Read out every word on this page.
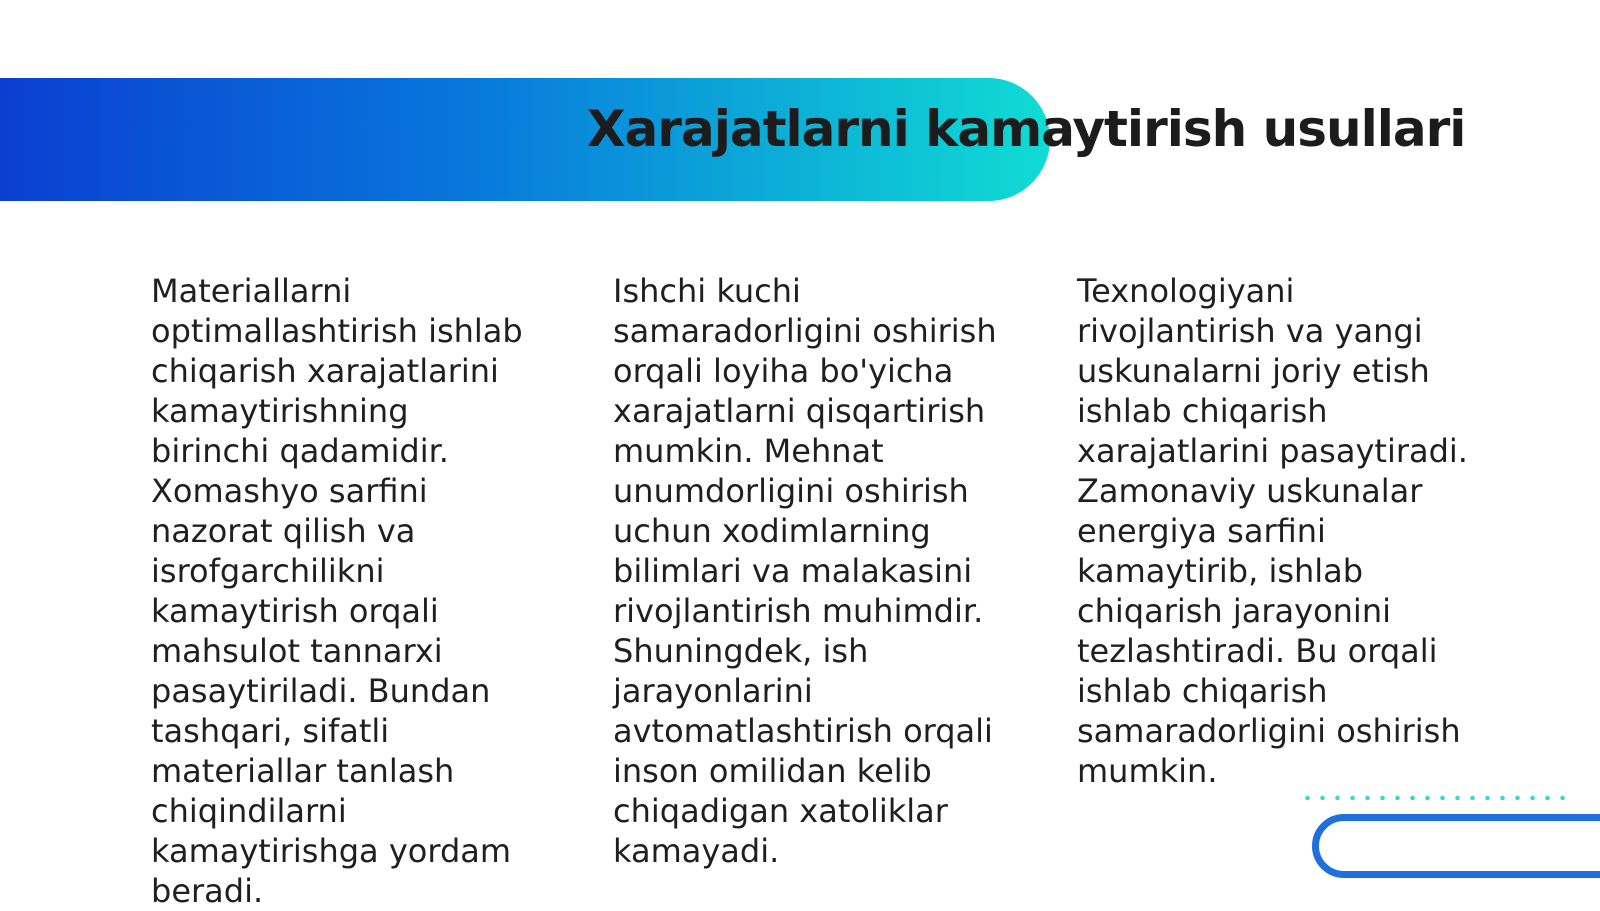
Xarajatlarni kamaytirish usullari

Materiallarni optimallashtirish ishlab chiqarish xarajatlarini kamaytirishning birinchi qadamidir. Xomashyo sarfini nazorat qilish va isrofgarchilikni kamaytirish orqali mahsulot tannarxi pasaytiriladi. Bundan tashqari, sifatli materiallar tanlash chiqindilarni kamaytirishga yordam beradi.

Ishchi kuchi samaradorligini oshirish orqali loyiha bo'yicha xarajatlarni qisqartirish mumkin. Mehnat unumdorligini oshirish uchun xodimlarning bilimlari va malakasini rivojlantirish muhimdir. Shuningdek, ish jarayonlarini avtomatlashtirish orqali inson omilidan kelib chiqadigan xatoliklar kamayadi.

Texnologiyani rivojlantirish va yangi uskunalarni joriy etish ishlab chiqarish xarajatlarini pasaytiradi. Zamonaviy uskunalar energiya sarfini kamaytirib, ishlab chiqarish jarayonini tezlashtiradi. Bu orqali ishlab chiqarish samaradorligini oshirish mumkin.
